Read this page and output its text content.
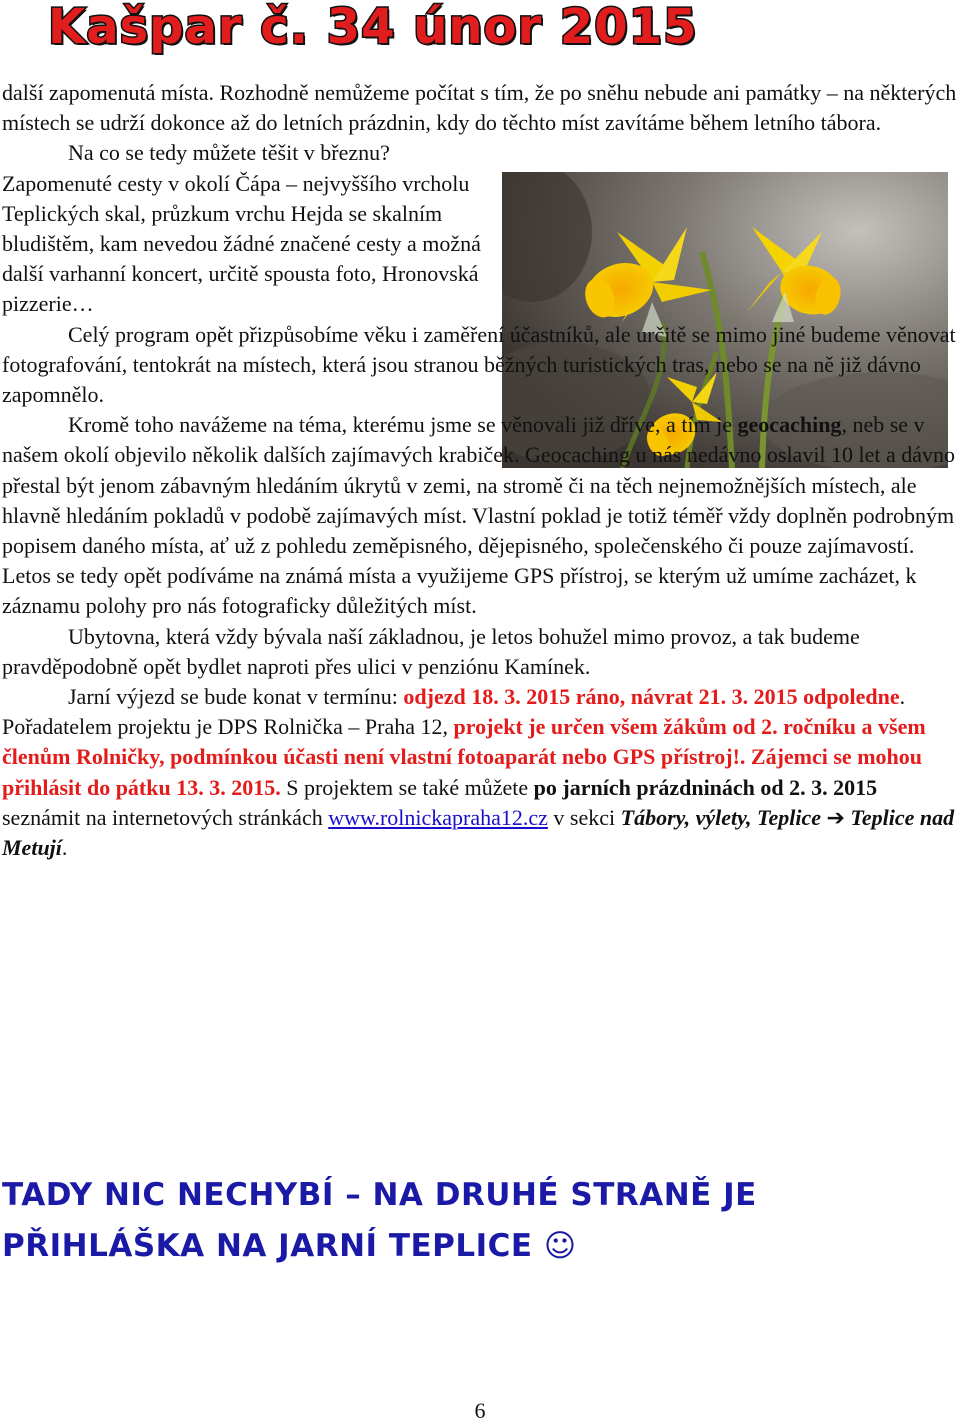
Kašpar č. 34 únor 2015

další zapomenutá místa. Rozhodně nemůžeme počítat s tím, že po sněhu nebude ani památky – na některých místech se udrží dokonce až do letních prázdnin, kdy do těchto míst zavítáme během letního tábora.

Na co se tedy můžete těšit v březnu?

Zapomenuté cesty v okolí Čápa – nejvyššího vrcholu Teplických skal, průzkum vrchu Hejda se skalním bludištěm, kam nevedou žádné značené cesty a možná další varhanní koncert, určitě spousta foto, Hronovská pizzerie…

Celý program opět přizpůsobíme věku i zaměření účastníků, ale určitě se mimo jiné budeme věnovat fotografování, tentokrát na místech, která jsou stranou běžných turistických tras, nebo se na ně již dávno zapomnělo.

Kromě toho navážeme na téma, kterému jsme se věnovali již dříve, a tím je geocaching, neb se v našem okolí objevilo několik dalších zajímavých krabiček. Geocaching u nás nedávno oslavil 10 let a dávno přestal být jenom zábavným hledáním úkrytů v zemi, na stromě či na těch nejnemožnějších místech, ale hlavně hledáním pokladů v podobě zajímavých míst. Vlastní poklad je totiž téměř vždy doplněn podrobným popisem daného místa, ať už z pohledu zeměpisného, dějepisného, společenského či pouze zajímavostí. Letos se tedy opět podíváme na známá místa a využijeme GPS přístroj, se kterým už umíme zacházet, k záznamu polohy pro nás fotograficky důležitých míst.

Ubytovna, která vždy bývala naší základnou, je letos bohužel mimo provoz, a tak budeme pravděpodobně opět bydlet naproti přes ulici v penziónu Kamínek.

Jarní výjezd se bude konat v termínu: odjezd 18. 3. 2015 ráno, návrat 21. 3. 2015 odpoledne. Pořadatelem projektu je DPS Rolnička – Praha 12, projekt je určen všem žákům od 2. ročníku a všem členům Rolničky, podmínkou účasti není vlastní fotoaparát nebo GPS přístroj!. Zájemci se mohou přihlásit do pátku 13. 3. 2015. S projektem se také můžete po jarních prázdninách od 2. 3. 2015 seznámit na internetových stránkách www.rolnickapraha12.cz v sekci Tábory, výlety, Teplice ➔ Teplice nad Metují.

TADY NIC NECHYBÍ – NA DRUHÉ STRANĚ JE

PŘIHLÁŠKA NA JARNÍ TEPLICE ☺

6
